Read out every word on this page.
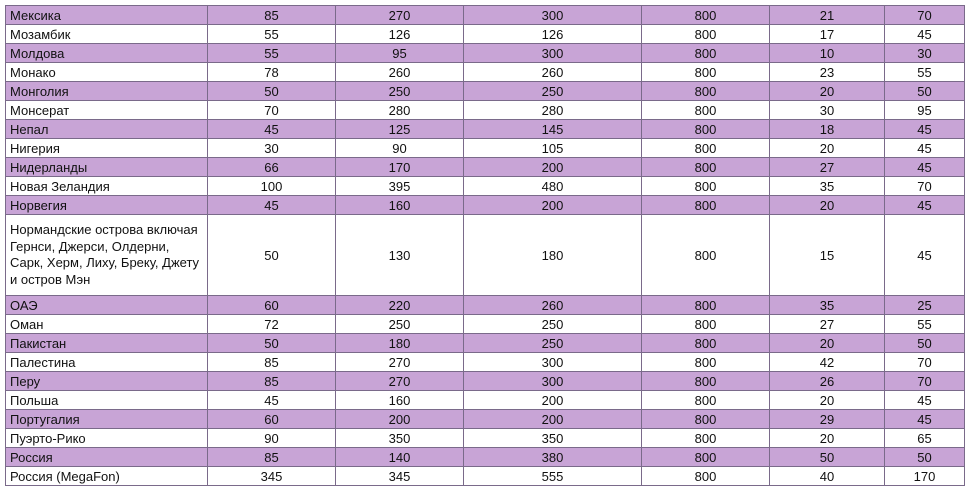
Мексика	85	270	300	800	21	70
Мозамбик	55	126	126	800	17	45
Молдова	55	95	300	800	10	30
Монако	78	260	260	800	23	55
Монголия	50	250	250	800	20	50
Монсерат	70	280	280	800	30	95
Непал	45	125	145	800	18	45
Нигерия	30	90	105	800	20	45
Нидерланды	66	170	200	800	27	45
Новая Зеландия	100	395	480	800	35	70
Норвегия	45	160	200	800	20	45
Нормандские острова включая Гернси, Джерси, Олдерни, Сарк, Херм, Лиху, Бреку, Джету и остров Мэн	50	130	180	800	15	45
ОАЭ	60	220	260	800	35	25
Оман	72	250	250	800	27	55
Пакистан	50	180	250	800	20	50
Палестина	85	270	300	800	42	70
Перу	85	270	300	800	26	70
Польша	45	160	200	800	20	45
Португалия	60	200	200	800	29	45
Пуэрто-Рико	90	350	350	800	20	65
Россия	85	140	380	800	50	50
Россия (MegaFon)	345	345	555	800	40	170
